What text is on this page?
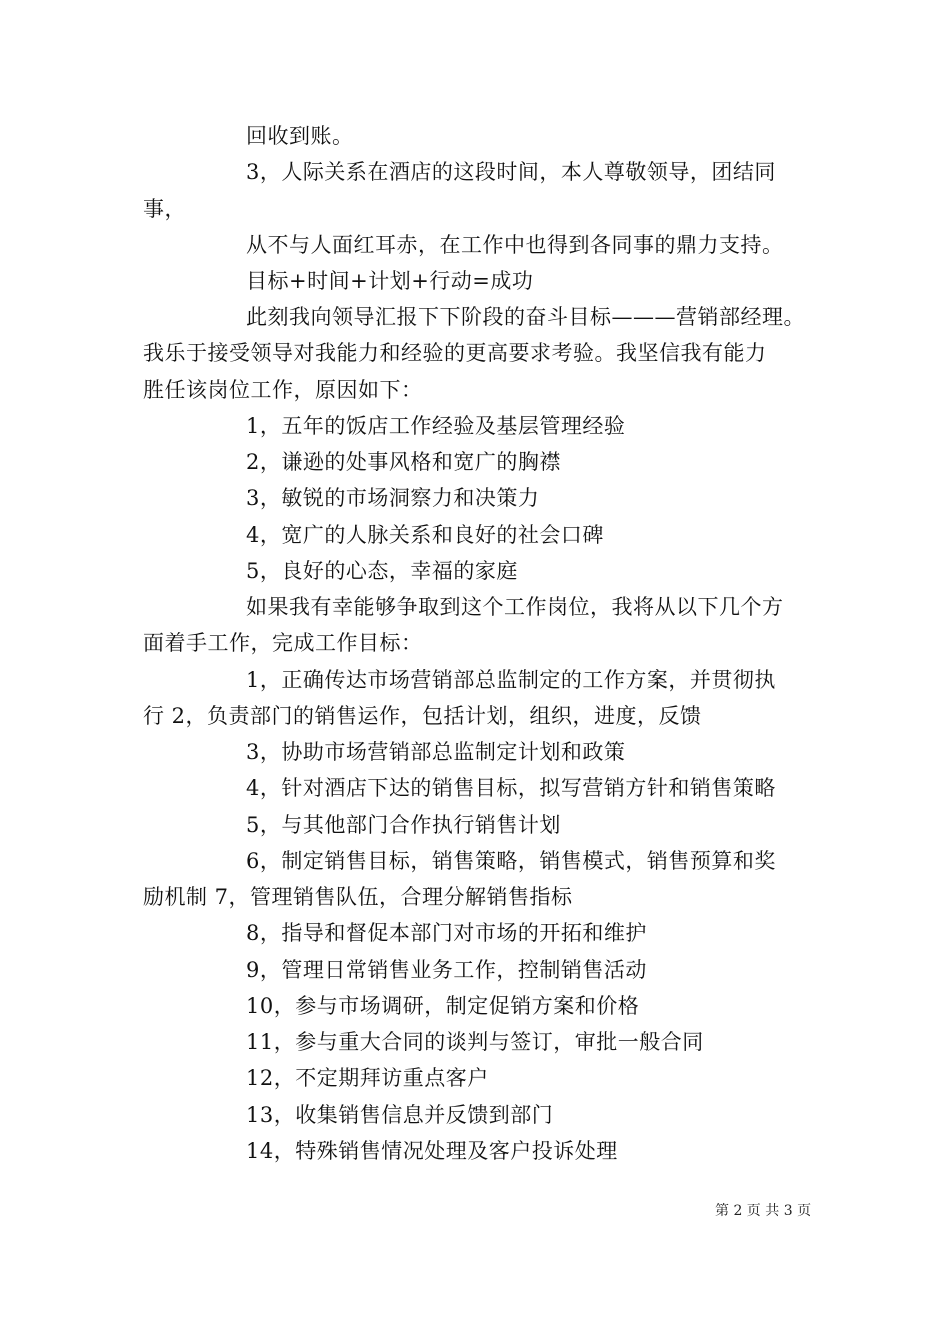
回收到账。
3，人际关系在酒店的这段时间，本人尊敬领导，团结同
事，
从不与人面红耳赤，在工作中也得到各同事的鼎力支持。
目标+时间+计划+行动=成功
此刻我向领导汇报下下阶段的奋斗目标———营销部经理。
我乐于接受领导对我能力和经验的更高要求考验。我坚信我有能力
胜任该岗位工作，原因如下：
1，五年的饭店工作经验及基层管理经验
2，谦逊的处事风格和宽广的胸襟
3，敏锐的市场洞察力和决策力
4，宽广的人脉关系和良好的社会口碑
5，良好的心态，幸福的家庭
如果我有幸能够争取到这个工作岗位，我将从以下几个方
面着手工作，完成工作目标：
1，正确传达市场营销部总监制定的工作方案，并贯彻执
行 2，负责部门的销售运作，包括计划，组织，进度，反馈
3，协助市场营销部总监制定计划和政策
4，针对酒店下达的销售目标，拟写营销方针和销售策略
5，与其他部门合作执行销售计划
6，制定销售目标，销售策略，销售模式，销售预算和奖
励机制 7，管理销售队伍，合理分解销售指标
8，指导和督促本部门对市场的开拓和维护
9，管理日常销售业务工作，控制销售活动
10，参与市场调研，制定促销方案和价格
11，参与重大合同的谈判与签订，审批一般合同
12，不定期拜访重点客户
13，收集销售信息并反馈到部门
14，特殊销售情况处理及客户投诉处理
第 2 页 共 3 页
